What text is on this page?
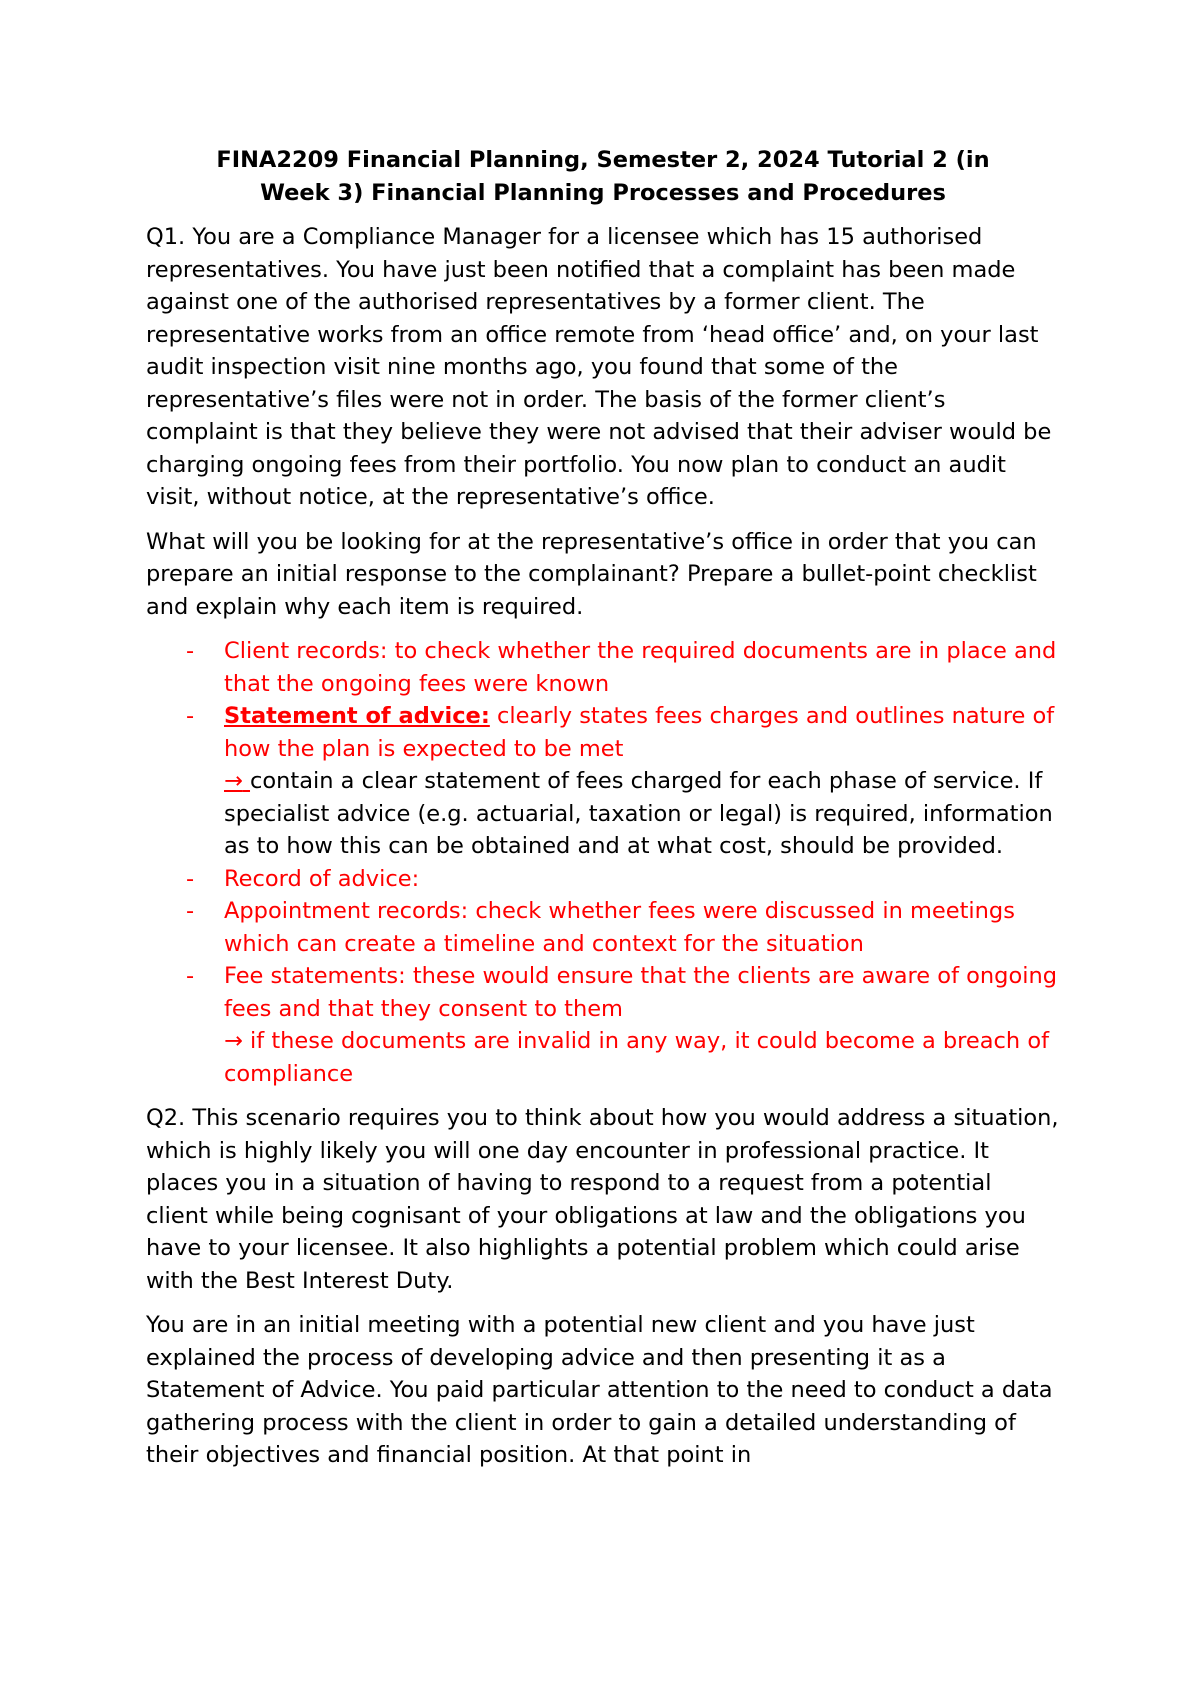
FINA2209 Financial Planning, Semester 2, 2024 Tutorial 2 (in
Week 3) Financial Planning Processes and Procedures

Q1. You are a Compliance Manager for a licensee which has 15 authorised representatives. You have just been notified that a complaint has been made against one of the authorised representatives by a former client. The representative works from an office remote from ‘head office’ and, on your last audit inspection visit nine months ago, you found that some of the representative’s files were not in order. The basis of the former client’s complaint is that they believe they were not advised that their adviser would be charging ongoing fees from their portfolio. You now plan to conduct an audit visit, without notice, at the representative’s office.

What will you be looking for at the representative’s office in order that you can prepare an initial response to the complainant? Prepare a bullet-point checklist and explain why each item is required.

- Client records: to check whether the required documents are in place and that the ongoing fees were known
- Statement of advice: clearly states fees charges and outlines nature of how the plan is expected to be met
→ contain a clear statement of fees charged for each phase of service. If specialist advice (e.g. actuarial, taxation or legal) is required, information as to how this can be obtained and at what cost, should be provided.
- Record of advice:
- Appointment records: check whether fees were discussed in meetings which can create a timeline and context for the situation
- Fee statements: these would ensure that the clients are aware of ongoing fees and that they consent to them
→ if these documents are invalid in any way, it could become a breach of compliance

Q2. This scenario requires you to think about how you would address a situation, which is highly likely you will one day encounter in professional practice. It places you in a situation of having to respond to a request from a potential client while being cognisant of your obligations at law and the obligations you have to your licensee. It also highlights a potential problem which could arise with the Best Interest Duty.

You are in an initial meeting with a potential new client and you have just explained the process of developing advice and then presenting it as a Statement of Advice. You paid particular attention to the need to conduct a data gathering process with the client in order to gain a detailed understanding of their objectives and financial position. At that point in
